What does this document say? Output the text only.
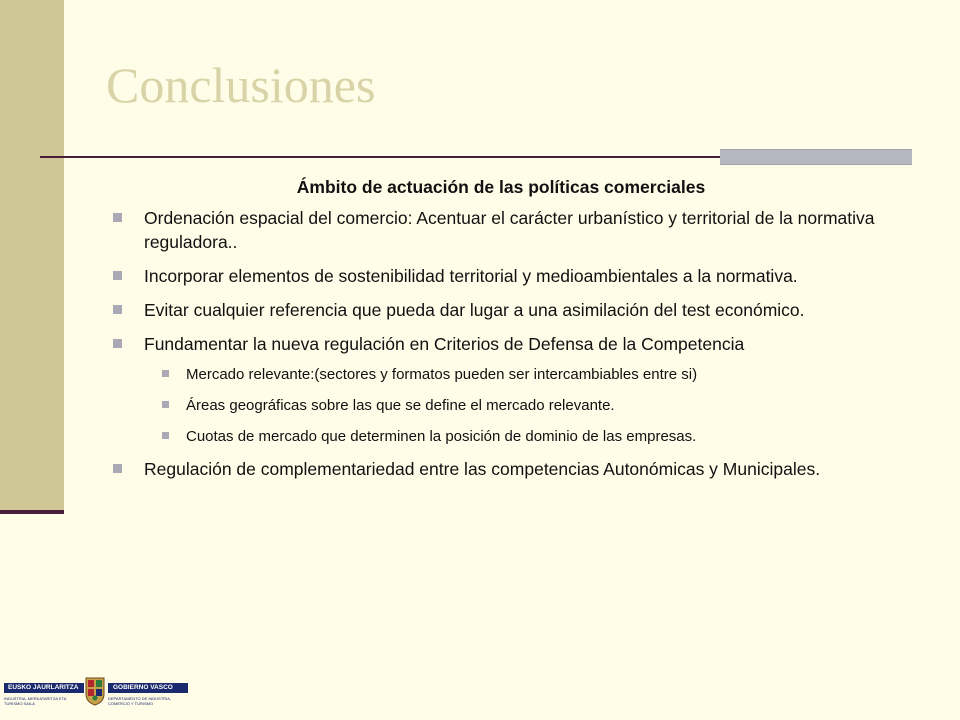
Conclusiones

Ámbito de actuación de las políticas comerciales

Ordenación espacial del comercio: Acentuar el carácter urbanístico y territorial de la normativa reguladora..
Incorporar elementos de sostenibilidad territorial y medioambientales a la normativa.
Evitar cualquier referencia que pueda dar lugar a una asimilación del test económico.
Fundamentar la nueva regulación en Criterios de Defensa de la Competencia
Mercado relevante:(sectores y formatos pueden ser intercambiables entre si)
Áreas geográficas sobre las que se define el mercado relevante.
Cuotas de mercado que determinen la posición de dominio de las empresas.
Regulación de complementariedad entre las competencias Autonómicas y Municipales.
EUSKO JAURLARITZA	GOBIERNO VASCO
INDUSTRIA, MERKATARITZA ETA TURISMO SAILA
DEPARTAMENTO DE INDUSTRIA, COMERCIO Y TURISMO
